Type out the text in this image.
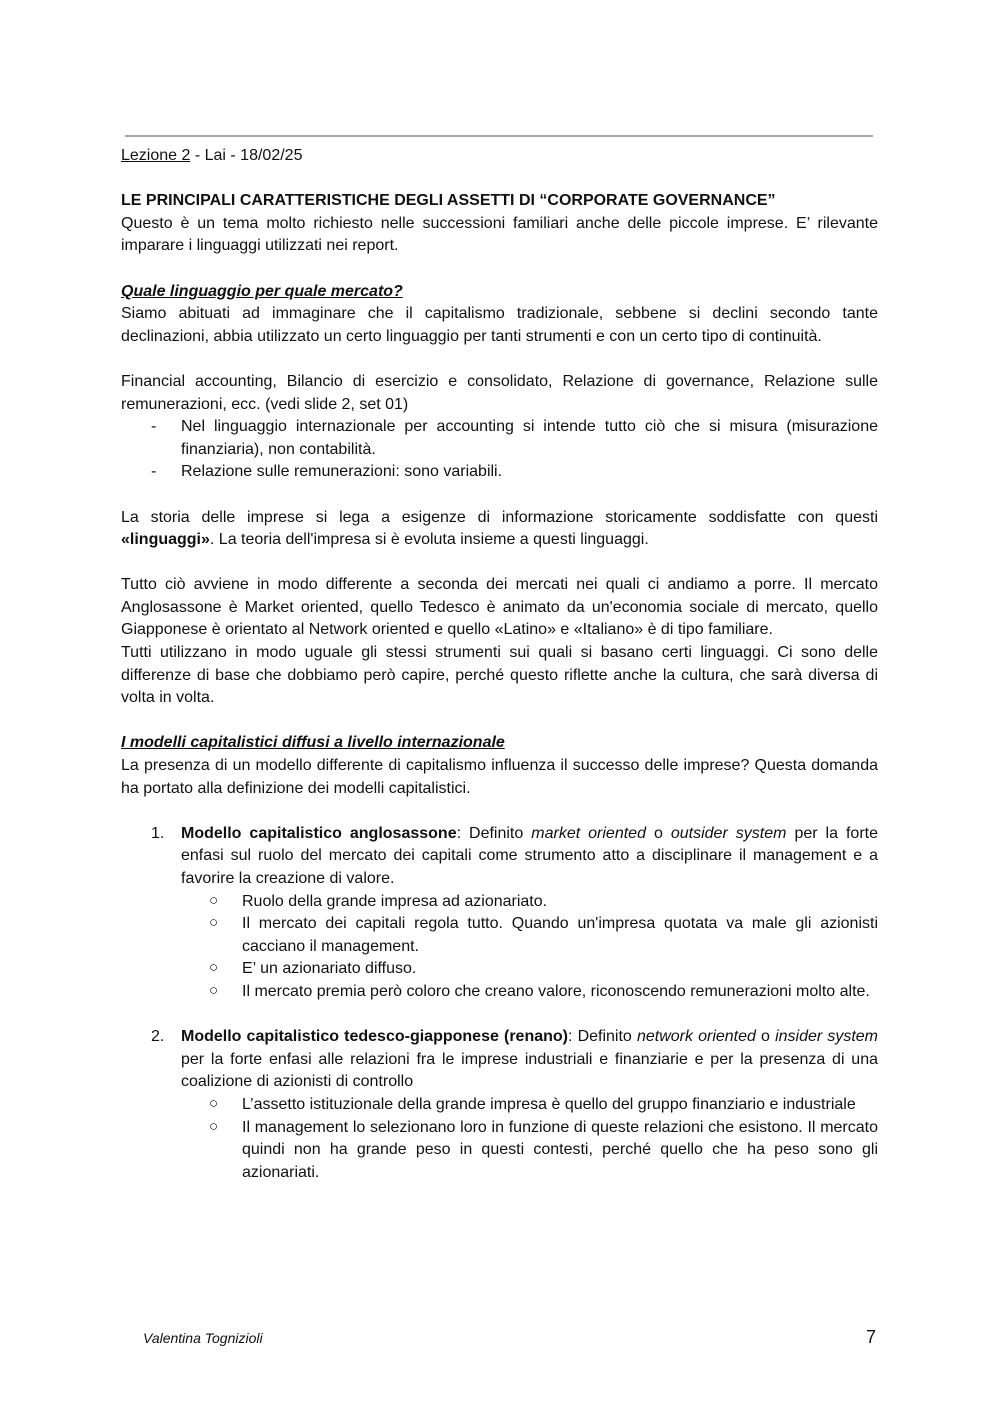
Lezione 2 - Lai - 18/02/25

LE PRINCIPALI CARATTERISTICHE DEGLI ASSETTI DI “CORPORATE GOVERNANCE”

Questo è un tema molto richiesto nelle successioni familiari anche delle piccole imprese. E’ rilevante imparare i linguaggi utilizzati nei report.

Quale linguaggio per quale mercato?

Siamo abituati ad immaginare che il capitalismo tradizionale, sebbene si declini secondo tante declinazioni, abbia utilizzato un certo linguaggio per tanti strumenti e con un certo tipo di continuità.

Financial accounting, Bilancio di esercizio e consolidato, Relazione di governance, Relazione sulle remunerazioni, ecc. (vedi slide 2, set 01)

- Nel linguaggio internazionale per accounting si intende tutto ciò che si misura (misurazione finanziaria), non contabilità.
- Relazione sulle remunerazioni: sono variabili.

La storia delle imprese si lega a esigenze di informazione storicamente soddisfatte con questi «linguaggi». La teoria dell'impresa si è evoluta insieme a questi linguaggi.

Tutto ciò avviene in modo differente a seconda dei mercati nei quali ci andiamo a porre. Il mercato Anglosassone è Market oriented, quello Tedesco è animato da un'economia sociale di mercato, quello Giapponese è orientato al Network oriented e quello «Latino» e «Italiano» è di tipo familiare.

Tutti utilizzano in modo uguale gli stessi strumenti sui quali si basano certi linguaggi. Ci sono delle differenze di base che dobbiamo però capire, perché questo riflette anche la cultura, che sarà diversa di volta in volta.

I modelli capitalistici diffusi a livello internazionale

La presenza di un modello differente di capitalismo influenza il successo delle imprese? Questa domanda ha portato alla definizione dei modelli capitalistici.

1. Modello capitalistico anglosassone: Definito market oriented o outsider system per la forte enfasi sul ruolo del mercato dei capitali come strumento atto a disciplinare il management e a favorire la creazione di valore.
○ Ruolo della grande impresa ad azionariato.
○ Il mercato dei capitali regola tutto. Quando un'impresa quotata va male gli azionisti cacciano il management.
○ E’ un azionariato diffuso.
○ Il mercato premia però coloro che creano valore, riconoscendo remunerazioni molto alte.
2. Modello capitalistico tedesco-giapponese (renano): Definito network oriented o insider system per la forte enfasi alle relazioni fra le imprese industriali e finanziarie e per la presenza di una coalizione di azionisti di controllo
○ L’assetto istituzionale della grande impresa è quello del gruppo finanziario e industriale
○ Il management lo selezionano loro in funzione di queste relazioni che esistono. Il mercato quindi non ha grande peso in questi contesti, perché quello che ha peso sono gli azionariati.
Valentina Tognizioli	7
